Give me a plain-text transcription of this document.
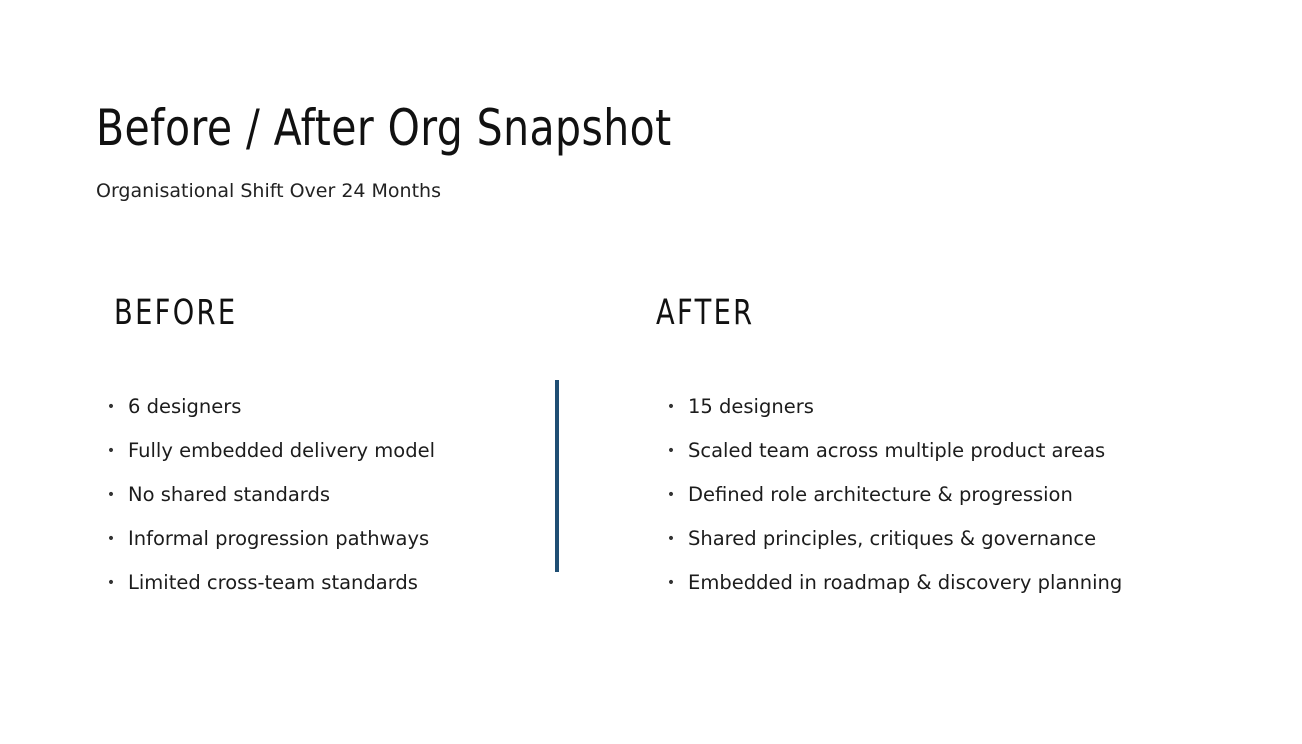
Before / After Org Snapshot

Organisational Shift Over 24 Months

BEFORE	AFTER
• 6 designers
• Fully embedded delivery model
• No shared standards
• Informal progression pathways
• Limited cross-team standards
• 15 designers
• Scaled team across multiple product areas
• Defined role architecture & progression
• Shared principles, critiques & governance
• Embedded in roadmap & discovery planning
